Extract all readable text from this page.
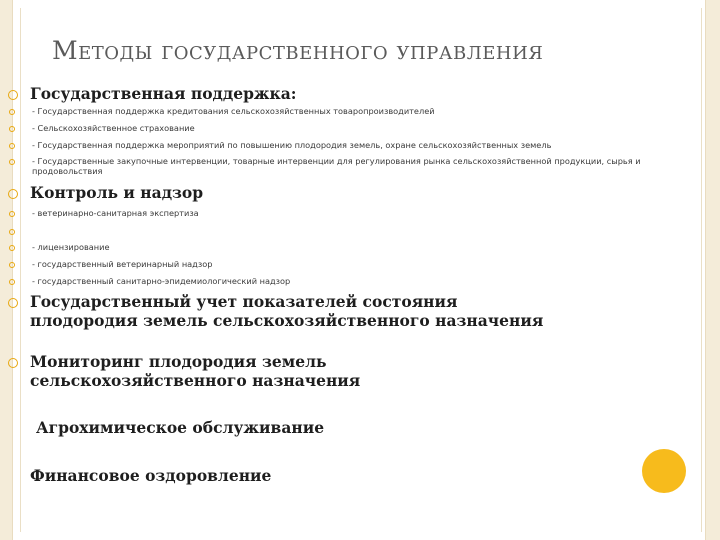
Методы государственного управления
Государственная поддержка:
- Государственная поддержка кредитования сельскохозяйственных товаропроизводителей
- Сельскохозяйственное страхование
- Государственная поддержка мероприятий по повышению плодородия земель, охране сельскохозяйственных земель
- Государственные закупочные интервенции, товарные интервенции для регулирования рынка сельскохозяйственной продукции, сырья и продовольствия
Контроль и надзор
- ветеринарно-санитарная экспертиза
- лицензирование
- государственный ветеринарный надзор
- государственный санитарно-эпидемиологический надзор
Государственный учет показателей состояния
плодородия земель сельскохозяйственного назначения
Мониторинг плодородия земель
сельскохозяйственного назначения
Агрохимическое обслуживание
Финансовое оздоровление
